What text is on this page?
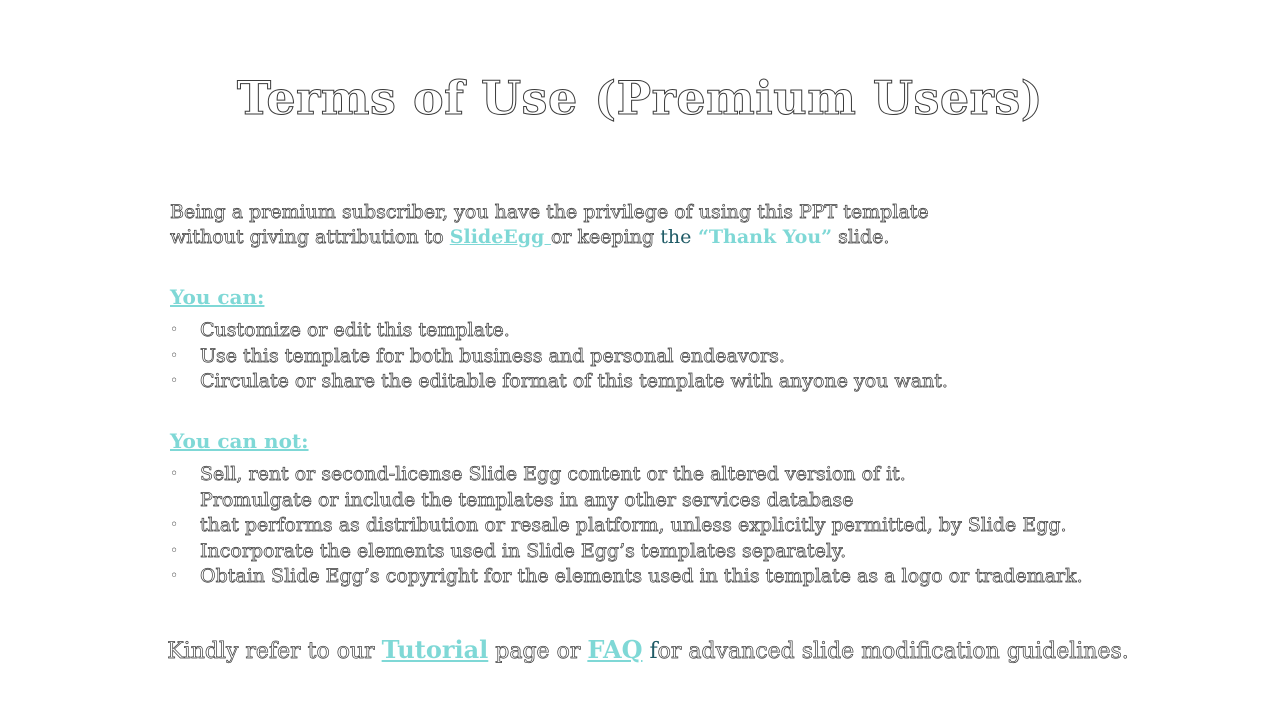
Terms of Use (Premium Users)
Being a premium subscriber, you have the privilege of using this PPT template
without giving attribution to SlideEgg or keeping the “Thank You” slide.
You can:
◦	Customize or edit this template.
◦	Use this template for both business and personal endeavors.
◦	Circulate or share the editable format of this template with anyone you want.
You can not:
◦	Sell, rent or second-license Slide Egg content or the altered version of it.
Promulgate or include the templates in any other services database
◦	that performs as distribution or resale platform, unless explicitly permitted, by Slide Egg.
◦	Incorporate the elements used in Slide Egg’s templates separately.
◦	Obtain Slide Egg’s copyright for the elements used in this template as a logo or trademark.
Kindly refer to our Tutorial page or FAQ for advanced slide modification guidelines.
